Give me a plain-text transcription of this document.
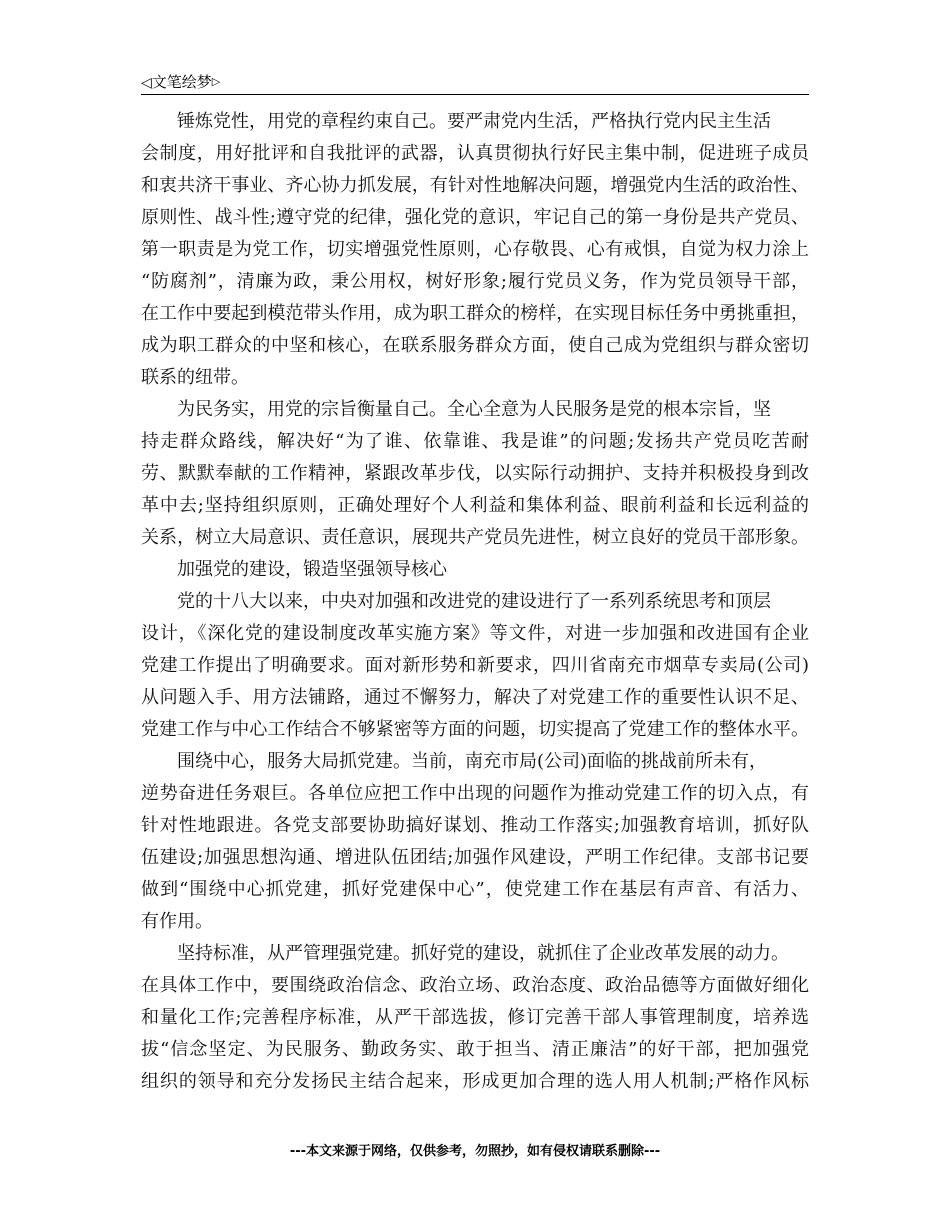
◁文笔绘梦▷
锤炼党性，用党的章程约束自己。要严肃党内生活，严格执行党内民主生活
会制度，用好批评和自我批评的武器，认真贯彻执行好民主集中制，促进班子成员
和衷共济干事业、齐心协力抓发展，有针对性地解决问题，增强党内生活的政治性、
原则性、战斗性;遵守党的纪律，强化党的意识，牢记自己的第一身份是共产党员、
第一职责是为党工作，切实增强党性原则，心存敬畏、心有戒惧，自觉为权力涂上
“防腐剂”，清廉为政，秉公用权，树好形象;履行党员义务，作为党员领导干部，
在工作中要起到模范带头作用，成为职工群众的榜样，在实现目标任务中勇挑重担，
成为职工群众的中坚和核心，在联系服务群众方面，使自己成为党组织与群众密切
联系的纽带。
为民务实，用党的宗旨衡量自己。全心全意为人民服务是党的根本宗旨，坚
持走群众路线，解决好“为了谁、依靠谁、我是谁”的问题;发扬共产党员吃苦耐
劳、默默奉献的工作精神，紧跟改革步伐，以实际行动拥护、支持并积极投身到改
革中去;坚持组织原则，正确处理好个人利益和集体利益、眼前利益和长远利益的
关系，树立大局意识、责任意识，展现共产党员先进性，树立良好的党员干部形象。
加强党的建设，锻造坚强领导核心
党的十八大以来，中央对加强和改进党的建设进行了一系列系统思考和顶层
设计，《深化党的建设制度改革实施方案》等文件，对进一步加强和改进国有企业
党建工作提出了明确要求。面对新形势和新要求，四川省南充市烟草专卖局(公司)
从问题入手、用方法铺路，通过不懈努力，解决了对党建工作的重要性认识不足、
党建工作与中心工作结合不够紧密等方面的问题，切实提高了党建工作的整体水平。
围绕中心，服务大局抓党建。当前，南充市局(公司)面临的挑战前所未有，
逆势奋进任务艰巨。各单位应把工作中出现的问题作为推动党建工作的切入点，有
针对性地跟进。各党支部要协助搞好谋划、推动工作落实;加强教育培训，抓好队
伍建设;加强思想沟通、增进队伍团结;加强作风建设，严明工作纪律。支部书记要
做到“围绕中心抓党建，抓好党建保中心”，使党建工作在基层有声音、有活力、
有作用。
坚持标准，从严管理强党建。抓好党的建设，就抓住了企业改革发展的动力。
在具体工作中，要围绕政治信念、政治立场、政治态度、政治品德等方面做好细化
和量化工作;完善程序标准，从严干部选拔，修订完善干部人事管理制度，培养选
拔“信念坚定、为民服务、勤政务实、敢于担当、清正廉洁”的好干部，把加强党
组织的领导和充分发扬民主结合起来，形成更加合理的选人用人机制;严格作风标
---本文来源于网络，仅供参考，勿照抄，如有侵权请联系删除---
